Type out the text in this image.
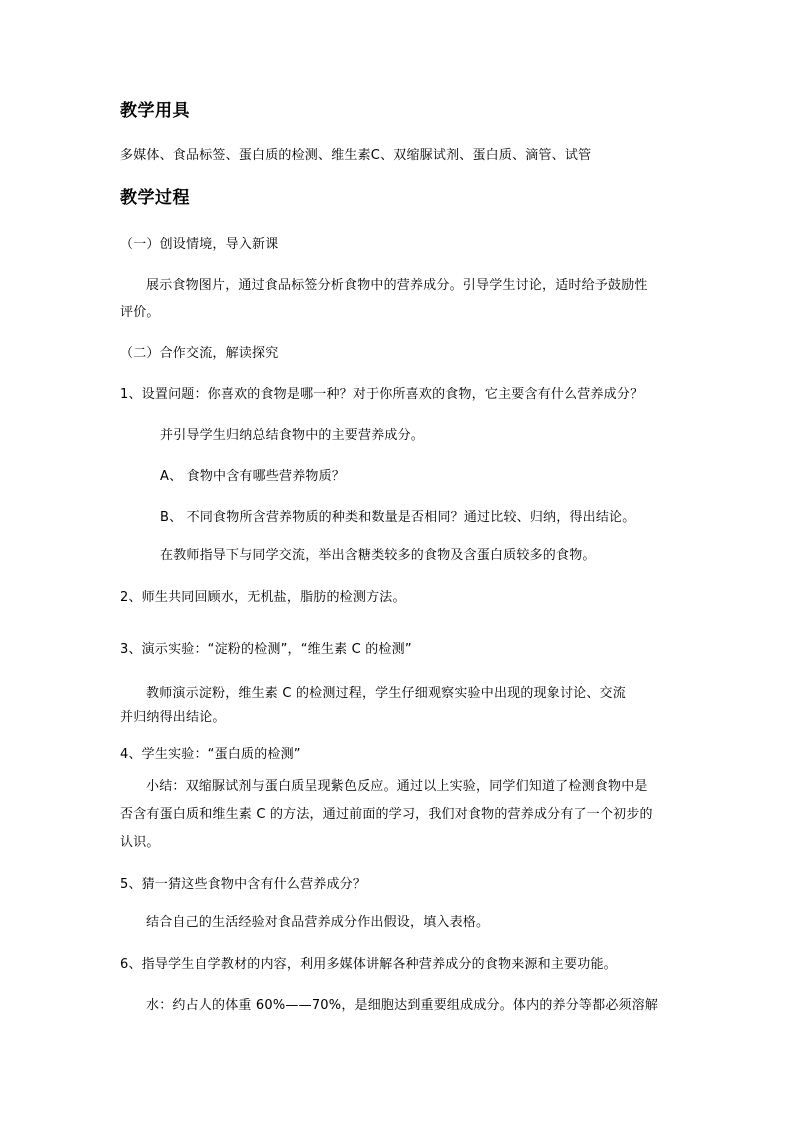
教学用具
多媒体、食品标签、蛋白质的检测、维生素C、双缩脲试剂、蛋白质、滴管、试管
教学过程
（一）创设情境，导入新课
展示食物图片，通过食品标签分析食物中的营养成分。引导学生讨论，适时给予鼓励性
评价。
（二）合作交流，解读探究
1、设置问题：你喜欢的食物是哪一种？对于你所喜欢的食物，它主要含有什么营养成分？
并引导学生归纳总结食物中的主要营养成分。
A、 食物中含有哪些营养物质？
B、 不同食物所含营养物质的种类和数量是否相同？通过比较、归纳，得出结论。
在教师指导下与同学交流，举出含糖类较多的食物及含蛋白质较多的食物。
2、师生共同回顾水，无机盐，脂肪的检测方法。
3、演示实验：“淀粉的检测”，“维生素 C 的检测”
教师演示淀粉，维生素 C 的检测过程，学生仔细观察实验中出现的现象讨论、交流
并归纳得出结论。
4、学生实验：“蛋白质的检测”
小结：双缩脲试剂与蛋白质呈现紫色反应。通过以上实验，同学们知道了检测食物中是
否含有蛋白质和维生素 C 的方法，通过前面的学习，我们对食物的营养成分有了一个初步的
认识。
5、猜一猜这些食物中含有什么营养成分？
结合自己的生活经验对食品营养成分作出假设，填入表格。
6、指导学生自学教材的内容，利用多媒体讲解各种营养成分的食物来源和主要功能。
水：约占人的体重 60%——70%，是细胞达到重要组成成分。体内的养分等都必须溶解
